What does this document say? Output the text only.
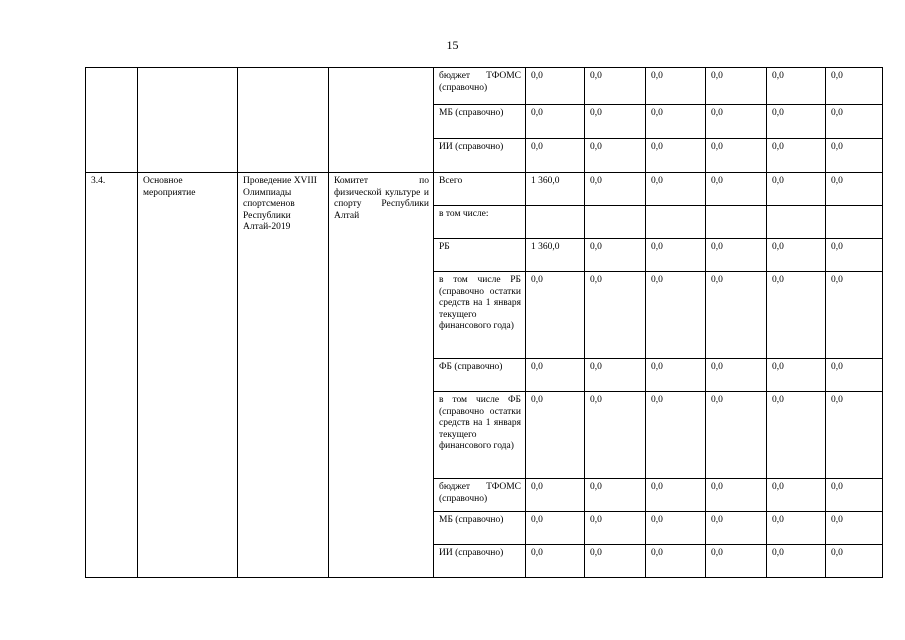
15
				бюджет ТФОМС (справочно)	0,0	0,0	0,0	0,0	0,0	0,0
				МБ (справочно)	0,0	0,0	0,0	0,0	0,0	0,0
				ИИ (справочно)	0,0	0,0	0,0	0,0	0,0	0,0
3.4.	Основное мероприятие	Проведение XVIII Олимпиады спортсменов Республики Алтай-2019	Комитет по физической культуре и спорту Республики Алтай	Всего	1 360,0	0,0	0,0	0,0	0,0	0,0
				в том числе:						
				РБ	1 360,0	0,0	0,0	0,0	0,0	0,0
				в том числе РБ (справочно остатки средств на 1 января текущего финансового года)	0,0	0,0	0,0	0,0	0,0	0,0
				ФБ (справочно)	0,0	0,0	0,0	0,0	0,0	0,0
				в том числе ФБ (справочно остатки средств на 1 января текущего финансового года)	0,0	0,0	0,0	0,0	0,0	0,0
				бюджет ТФОМС (справочно)	0,0	0,0	0,0	0,0	0,0	0,0
				МБ (справочно)	0,0	0,0	0,0	0,0	0,0	0,0
				ИИ (справочно)	0,0	0,0	0,0	0,0	0,0	0,0
